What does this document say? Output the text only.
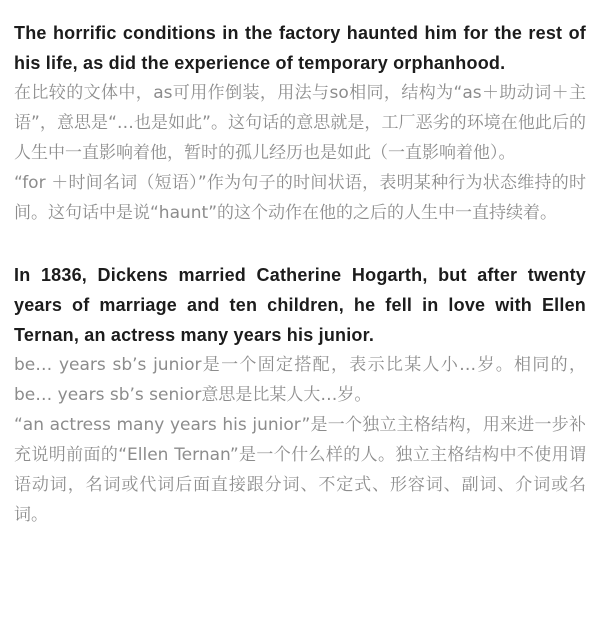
The horrific conditions in the factory haunted him for the rest of his life, as did the experience of temporary orphanhood.

在比较的文体中，as可用作倒装，用法与so相同，结构为“as＋助动词＋主语”，意思是“…也是如此”。这句话的意思就是，工厂恶劣的环境在他此后的人生中一直影响着他，暂时的孤儿经历也是如此（一直影响着他）。

“for ＋时间名词（短语）”作为句子的时间状语，表明某种行为状态维持的时间。这句话中是说“haunt”的这个动作在他的之后的人生中一直持续着。

In 1836, Dickens married Catherine Hogarth, but after twenty years of marriage and ten children, he fell in love with Ellen Ternan, an actress many years his junior.

be… years sb’s junior是一个固定搭配，表示比某人小…岁。相同的，be… years sb’s senior意思是比某人大…岁。

“an actress many years his junior”是一个独立主格结构，用来进一步补充说明前面的“Ellen Ternan”是一个什么样的人。独立主格结构中不使用谓语动词，名词或代词后面直接跟分词、不定式、形容词、副词、介词或名词。
